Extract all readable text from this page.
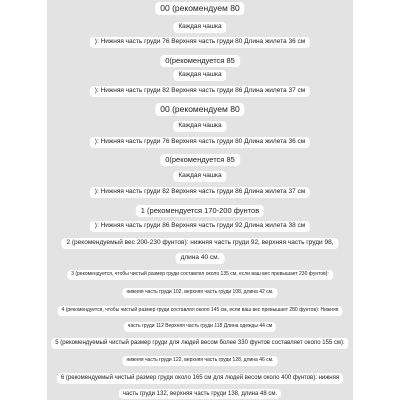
00 (рекомендуем 80
Каждая чашка
): Нижняя часть груди 76 Верхняя часть груди 80 Длина жилета 36 см
0(рекомендуется 85
Каждая чашка
): Нижняя часть груди 82 Верхняя часть груди 86 Длина жилета 37 см
00 (рекомендуем 80
Каждая чашка
): Нижняя часть груди 76 Верхняя часть груди 80 Длина жилета 36 см
0(рекомендуется 85
Каждая чашка
): Нижняя часть груди 82 Верхняя часть груди 86 Длина жилета 37 см
1 (рекомендуется 170-200 фунтов
): Нижняя часть груди 86 Верхняя часть груди 92 Длина жилета 38 см
2 (рекомендуемый вес 200-230 фунтов): нижняя часть груди 92, верхняя часть груди 98,
длина 40 см.
3 (рекомендуется, чтобы чистый размер груди составлял около 135 см, если ваш вес превышает 230 фунтов):
нижняя часть груди 102, верхняя часть груди 108, длина 42 см.
4 (рекомендуется, чтобы чистый размер груди составлял около 145 см, если ваш вес превышает 280 фунтов): Нижняя
часть груди 112 Верхняя часть груди 118 Длина одежды 44 см
5 (рекомендуемый чистый размер груди для людей весом более 330 фунтов составляет около 155 см):
нижняя часть груди 122, верхняя часть груди 128, длина 46 см.
6 (рекомендуемый чистый размер груди около 165 см для людей весом около 400 фунтов): нижняя
часть груди 132, верхняя часть груди 138, длина 48 см.
